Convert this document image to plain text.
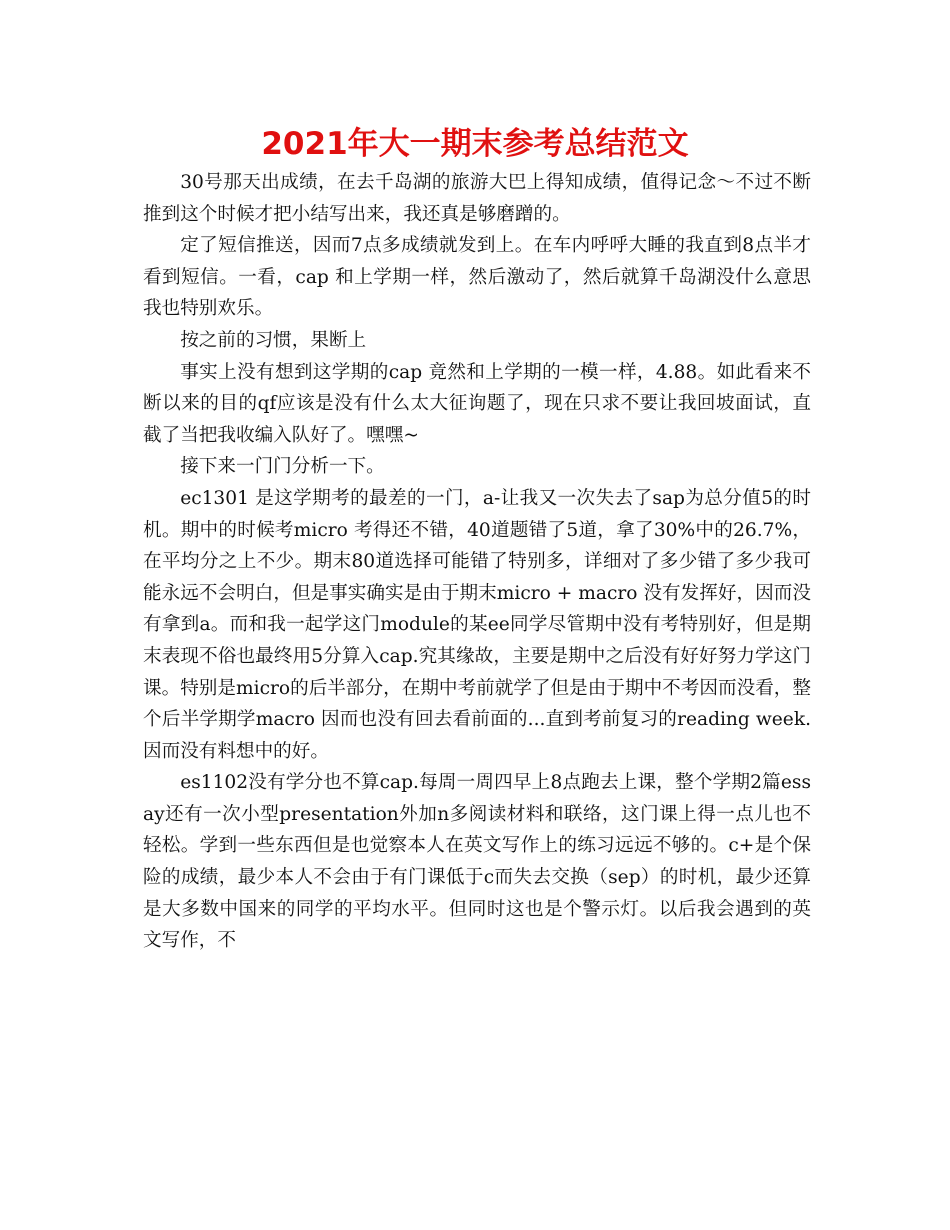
2021年大一期末参考总结范文

30号那天出成绩，在去千岛湖的旅游大巴上得知成绩，值得记念～不过不断推到这个时候才把小结写出来，我还真是够磨蹭的。

定了短信推送，因而7点多成绩就发到上。在车内呼呼大睡的我直到8点半才看到短信。一看，cap 和上学期一样，然后激动了，然后就算千岛湖没什么意思我也特别欢乐。

按之前的习惯，果断上

事实上没有想到这学期的cap 竟然和上学期的一模一样，4.88。如此看来不断以来的目的qf应该是没有什么太大征询题了，现在只求不要让我回坡面试，直截了当把我收编入队好了。嘿嘿~

接下来一门门分析一下。

ec1301 是这学期考的最差的一门，a-让我又一次失去了sap为总分值5的时机。期中的时候考micro 考得还不错，40道题错了5道，拿了30%中的26.7%，在平均分之上不少。期末80道选择可能错了特别多，详细对了多少错了多少我可能永远不会明白，但是事实确实是由于期末micro + macro 没有发挥好，因而没有拿到a。而和我一起学这门module的某ee同学尽管期中没有考特别好，但是期末表现不俗也最终用5分算入cap.究其缘故，主要是期中之后没有好好努力学这门课。特别是micro的后半部分，在期中考前就学了但是由于期中不考因而没看，整个后半学期学macro 因而也没有回去看前面的...直到考前复习的reading week.因而没有料想中的好。

es1102没有学分也不算cap.每周一周四早上8点跑去上课，整个学期2篇essay还有一次小型presentation外加n多阅读材料和联络，这门课上得一点儿也不轻松。学到一些东西但是也觉察本人在英文写作上的练习远远不够的。c+是个保险的成绩，最少本人不会由于有门课低于c而失去交换（sep）的时机，最少还算是大多数中国来的同学的平均水平。但同时这也是个警示灯。以后我会遇到的英文写作，不
